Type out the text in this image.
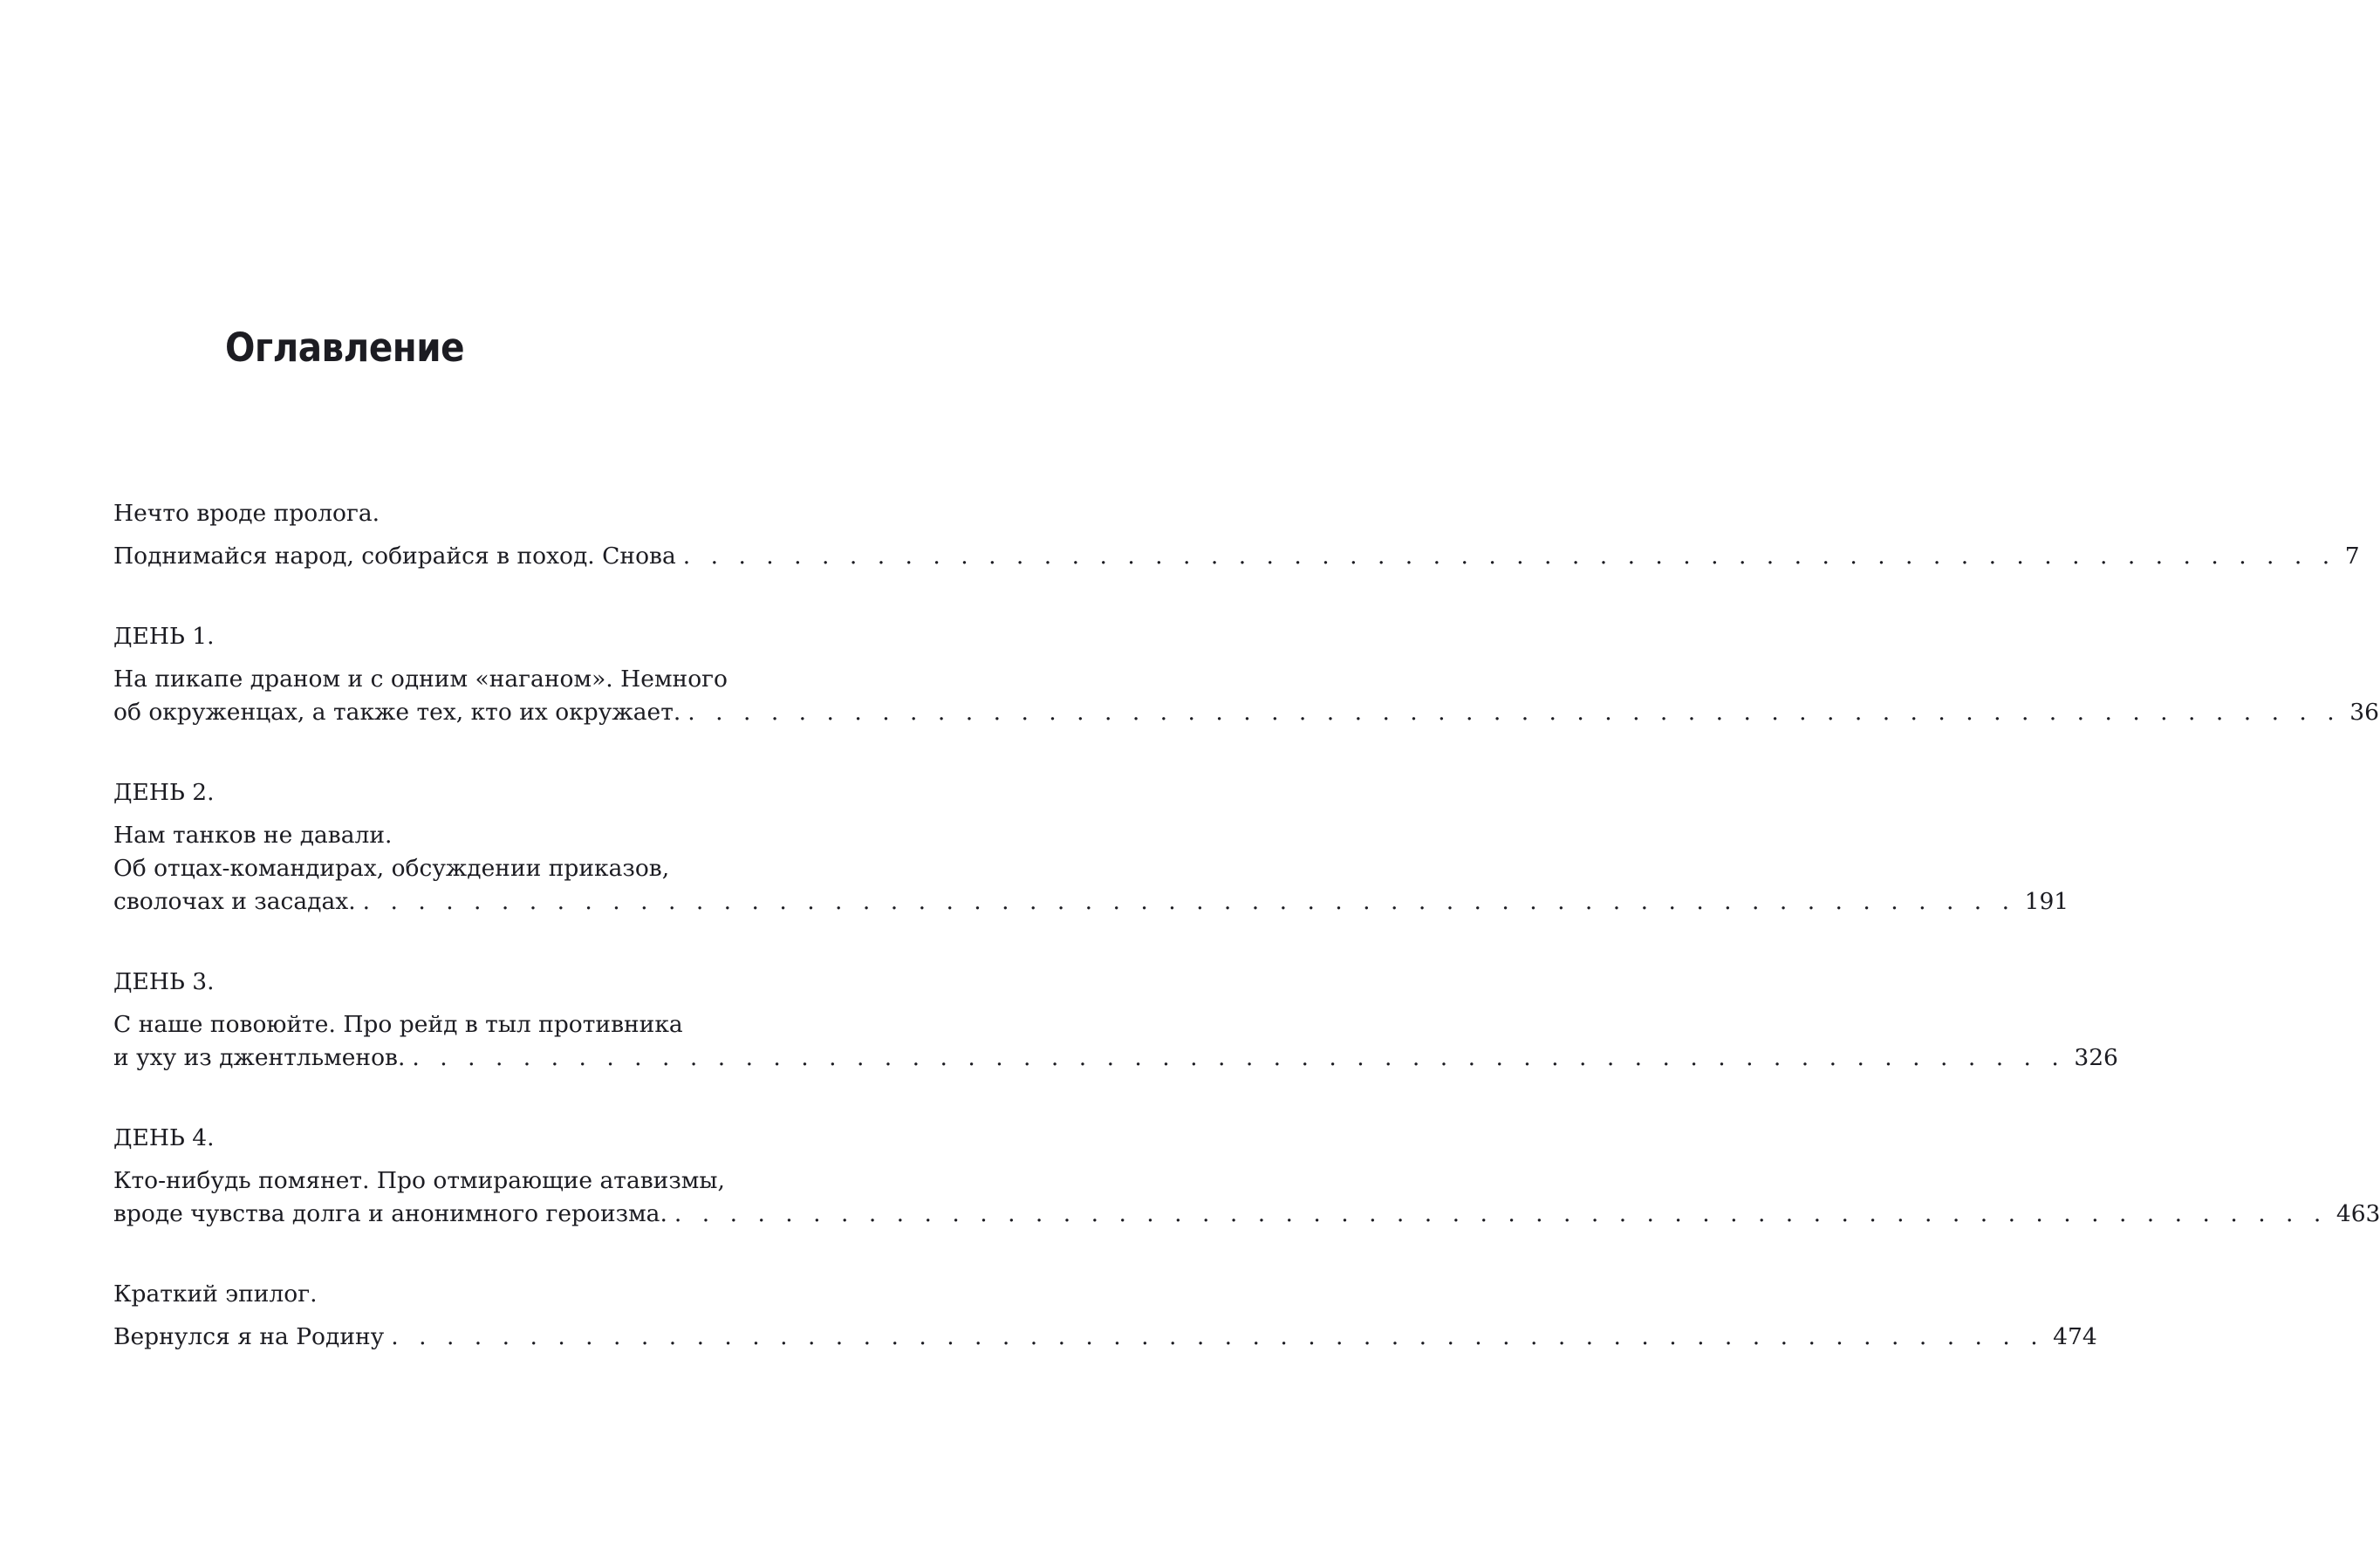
Оглавление
Нечто вроде пролога.
Поднимайся народ, собирайся в поход. Снова . . . . . . . . . . . . . . . . . . . . . . . . . . . . . . . . . . . . . . . . . . . . . . . . . . . . . . . . . . . . 7
ДЕНЬ 1.
На пикапе драном и с одним «наганом». Немного
об окруженцах, а также тех, кто их окружает. . . . . . . . . . . . . . . . . . . . . . . . . . . . . . . . . . . . . . . . . . . . . . . . . . . . . . . . . . . . . 36
ДЕНЬ 2.
Нам танков не давали.
Об отцах-командирах, обсуждении приказов,
сволочах и засадах. . . . . . . . . . . . . . . . . . . . . . . . . . . . . . . . . . . . . . . . . . . . . . . . . . . . . . . . . . . . . 191
ДЕНЬ 3.
С наше повоюйте. Про рейд в тыл противника
и уху из джентльменов. . . . . . . . . . . . . . . . . . . . . . . . . . . . . . . . . . . . . . . . . . . . . . . . . . . . . . . . . . . . . 326
ДЕНЬ 4.
Кто-нибудь помянет. Про отмирающие атавизмы,
вроде чувства долга и анонимного героизма. . . . . . . . . . . . . . . . . . . . . . . . . . . . . . . . . . . . . . . . . . . . . . . . . . . . . . . . . . . . . 463
Краткий эпилог.
Вернулся я на Родину . . . . . . . . . . . . . . . . . . . . . . . . . . . . . . . . . . . . . . . . . . . . . . . . . . . . . . . . . . . . 474
